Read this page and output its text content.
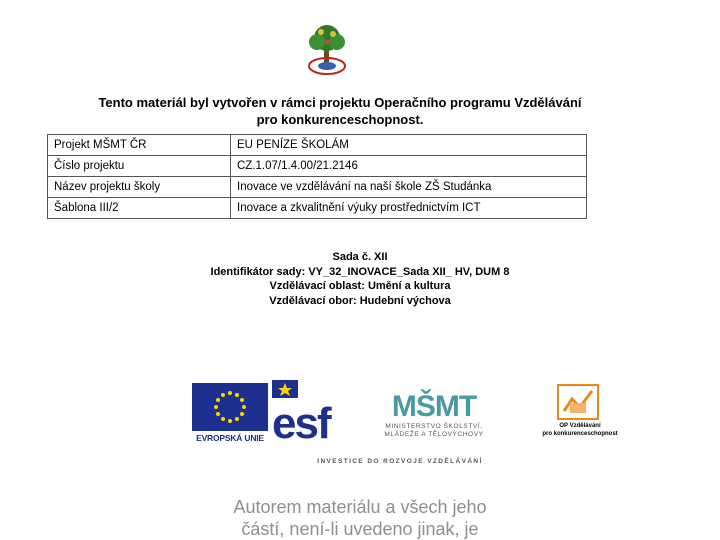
Tento materiál byl vytvořen v rámci projektu Operačního programu Vzdělávání
pro konkurenceschopnost.
Projekt MŠMT ČR	EU PENÍZE ŠKOLÁM
Číslo projektu	CZ.1.07/1.4.00/21.2146
Název projektu školy	Inovace ve vzdělávání na naší škole ZŠ Studánka
Šablona III/2	Inovace a zkvalitnění výuky prostřednictvím ICT
Sada č. XII
Identifikátor sady: VY_32_INOVACE_Sada XII_ HV, DUM 8
Vzdělávací oblast: Umění a kultura
Vzdělávací obor: Hudební výchova
EVROPSKÁ UNIE esf MŠMT
MINISTERSTVO ŠKOLSTVÍ,
MLÁDEŽE A TĚLOVÝCHOVY
OP Vzdělávání
pro konkurenceschopnost
INVESTICE DO ROZVOJE VZDĚLÁVÁNÍ
Autorem materiálu a všech jeho
částí, není-li uvedeno jinak, je
